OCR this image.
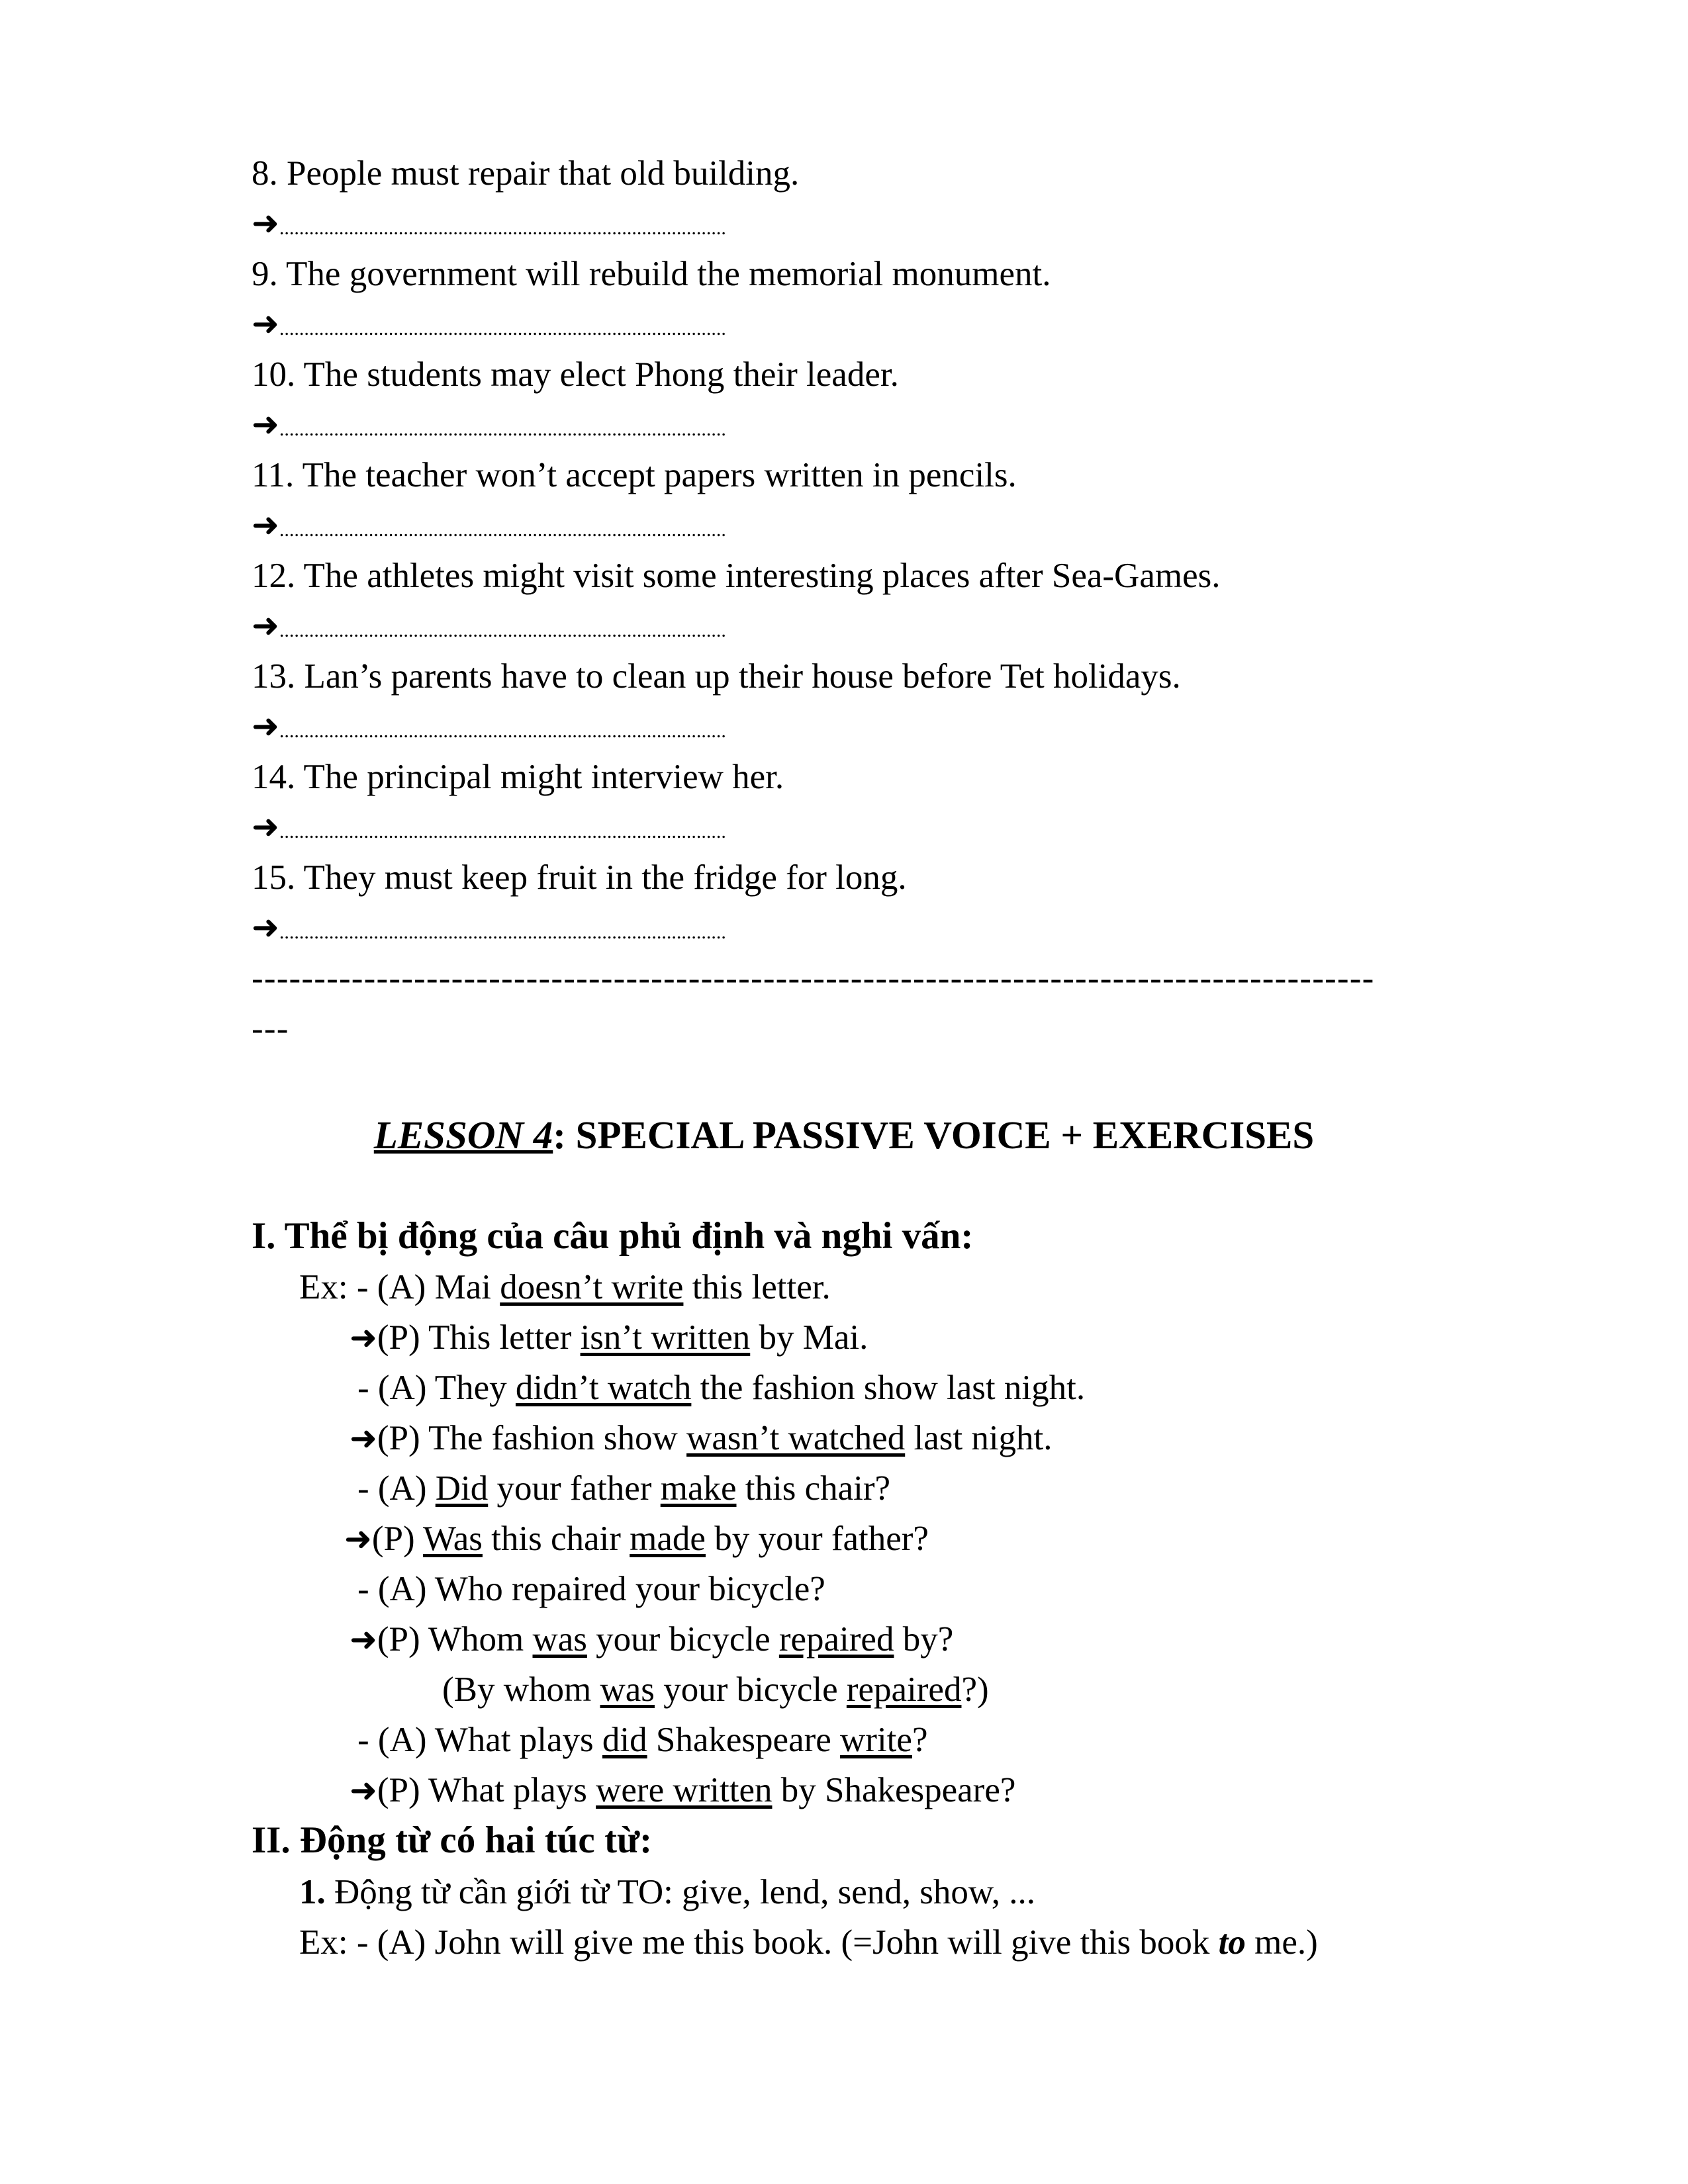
8. People must repair that old building.
➜..........................................................................................
9. The government will rebuild the memorial monument.
➜..........................................................................................
10. The students may elect Phong their leader.
➜..........................................................................................
11. The teacher won’t accept papers written in pencils.
➜..........................................................................................
12. The athletes might visit some interesting places after Sea-Games.
➜..........................................................................................
13. Lan’s parents have to clean up their house before Tet holidays.
➜..........................................................................................
14. The principal might interview her.
➜..........................................................................................
15. They must keep fruit in the fridge for long.
➜..........................................................................................
------------------------------------------------------------------------------------------
---
LESSON 4: SPECIAL PASSIVE VOICE + EXERCISES
I. Thể bị động của câu phủ định và nghi vấn:
Ex: - (A) Mai doesn’t write this letter.
➜(P) This letter isn’t written by Mai.
- (A) They didn’t watch the fashion show last night.
➜(P) The fashion show wasn’t watched last night.
- (A) Did your father make this chair?
➜(P) Was this chair made by your father?
- (A) Who repaired your bicycle?
➜(P) Whom was your bicycle repaired by?
(By whom was your bicycle repaired?)
- (A) What plays did Shakespeare write?
➜(P) What plays were written by Shakespeare?
II. Động từ có hai túc từ:
1. Động từ cần giới từ TO: give, lend, send, show, ...
Ex: - (A) John will give me this book. (=John will give this book to me.)
